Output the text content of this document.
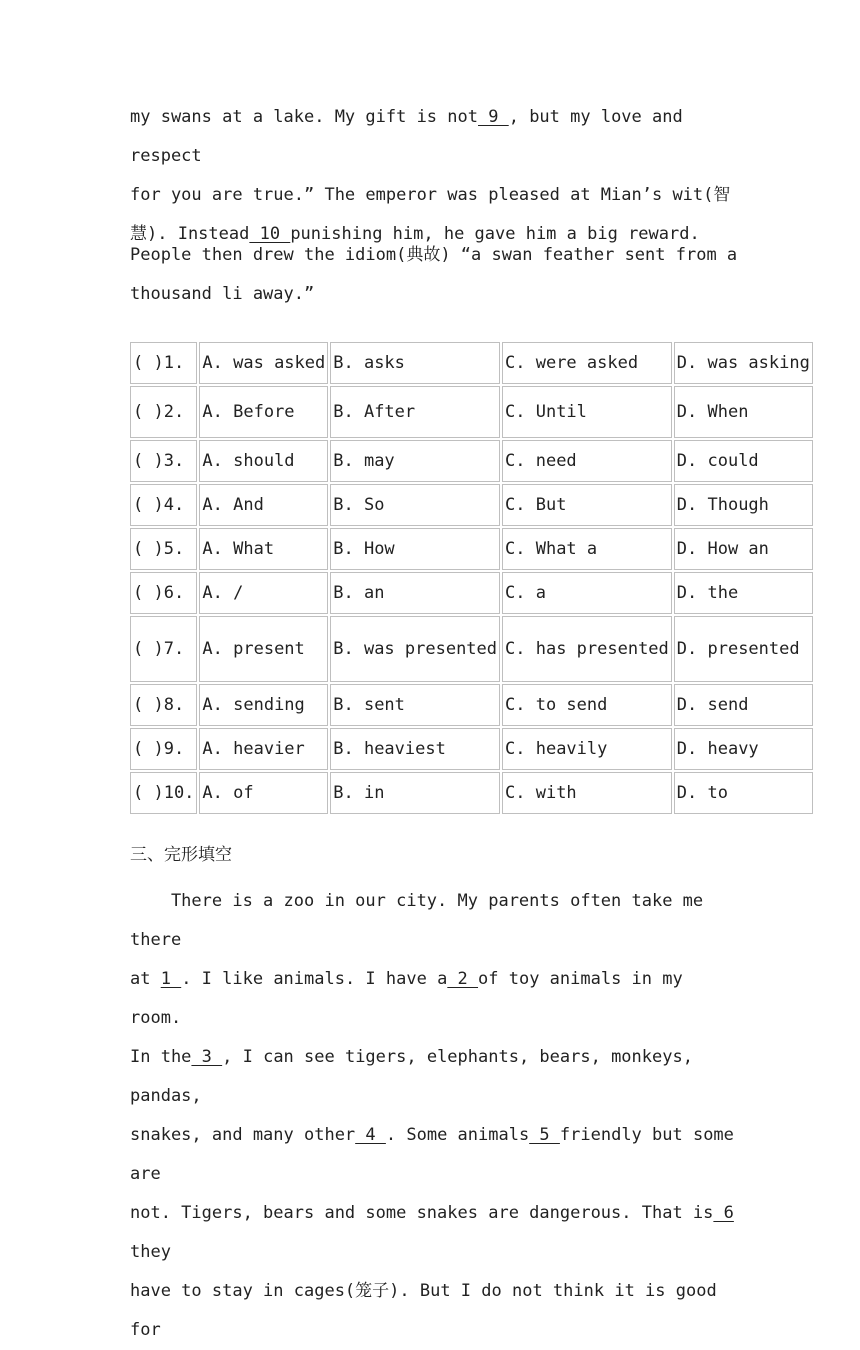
my swans at a lake. My gift is not 9 , but my love and respect
for you are true.” The emperor was pleased at Mian’s wit(智
慧). Instead 10 punishing him, he gave him a big reward.

People then drew the idiom(典故) “a swan feather sent from a
thousand li away.”

( )1.	A. was asked	B. asks	C. were asked	D. was asking
( )2.	A. Before	B. After	C. Until	D. When
( )3.	A. should	B. may	C. need	D. could
( )4.	A. And	B. So	C. But	D. Though
( )5.	A. What	B. How	C. What a	D. How an
( )6.	A. /	B. an	C. a	D. the
( )7.	A. present	B. was presented	C. has presented	D. presented
( )8.	A. sending	B. sent	C. to send	D. send
( )9.	A. heavier	B. heaviest	C. heavily	D. heavy
( )10.	A. of	B. in	C. with	D. to

三、完形填空

There is a zoo in our city. My parents often take me there
at 1 . I like animals. I have a 2 of toy animals in my room.
In the 3 , I can see tigers, elephants, bears, monkeys, pandas,
snakes, and many other 4 . Some animals 5 friendly but some are
not. Tigers, bears and some snakes are dangerous. That is 6 they
have to stay in cages(笼子). But I do not think it is good for
